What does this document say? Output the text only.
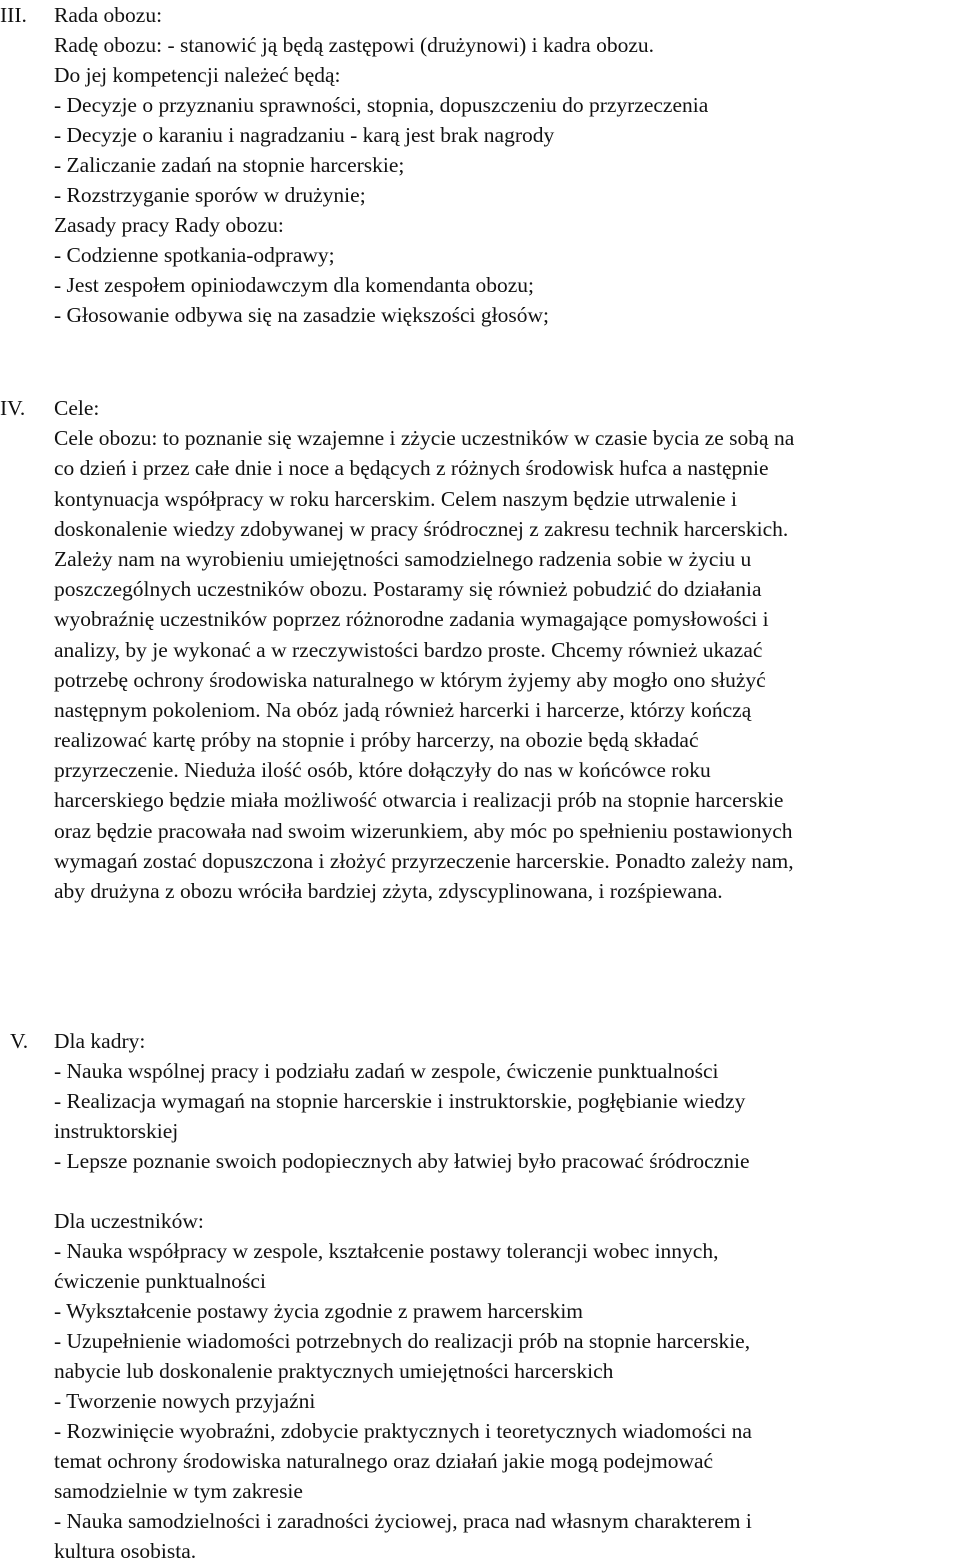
III.	Rada obozu:
Radę obozu: - stanowić ją będą zastępowi (drużynowi) i kadra obozu.
Do jej kompetencji należeć będą:
- Decyzje o przyznaniu sprawności, stopnia, dopuszczeniu do przyrzeczenia
- Decyzje o karaniu i nagradzaniu - karą jest brak nagrody
- Zaliczanie zadań na stopnie harcerskie;
- Rozstrzyganie sporów w drużynie;
Zasady pracy Rady obozu:
- Codzienne spotkania-odprawy;
- Jest zespołem opiniodawczym dla komendanta obozu;
- Głosowanie odbywa się na zasadzie większości głosów;
IV.	Cele:
Cele obozu: to poznanie się wzajemne i zżycie uczestników w czasie bycia ze sobą na
co dzień i przez całe dnie i noce a będących z różnych środowisk hufca a następnie
kontynuacja współpracy w roku harcerskim. Celem naszym będzie utrwalenie i
doskonalenie wiedzy zdobywanej w pracy śródrocznej z zakresu technik harcerskich.
Zależy nam na wyrobieniu umiejętności samodzielnego radzenia sobie w życiu u
poszczególnych uczestników obozu. Postaramy się również pobudzić do działania
wyobraźnię uczestników poprzez różnorodne zadania wymagające pomysłowości i
analizy, by je wykonać a w rzeczywistości bardzo proste. Chcemy również ukazać
potrzebę ochrony środowiska naturalnego w którym żyjemy aby mogło ono służyć
następnym pokoleniom. Na obóz jadą również harcerki i harcerze, którzy kończą
realizować kartę próby na stopnie i próby harcerzy, na obozie będą składać
przyrzeczenie. Nieduża ilość osób, które dołączyły do nas w końcówce roku
harcerskiego będzie miała możliwość otwarcia i realizacji prób na stopnie harcerskie
oraz będzie pracowała nad swoim wizerunkiem, aby móc po spełnieniu postawionych
wymagań zostać dopuszczona i złożyć przyrzeczenie harcerskie. Ponadto zależy nam,
aby drużyna z obozu wróciła bardziej zżyta, zdyscyplinowana, i rozśpiewana.
V.	Dla kadry:
- Nauka wspólnej pracy i podziału zadań w zespole, ćwiczenie punktualności
- Realizacja wymagań na stopnie harcerskie i instruktorskie, pogłębianie wiedzy
instruktorskiej
- Lepsze poznanie swoich podopiecznych aby łatwiej było pracować śródrocznie
Dla uczestników:
- Nauka współpracy w zespole, kształcenie postawy tolerancji wobec innych,
ćwiczenie punktualności
- Wykształcenie postawy życia zgodnie z prawem harcerskim
- Uzupełnienie wiadomości potrzebnych do realizacji prób na stopnie harcerskie,
nabycie lub doskonalenie praktycznych umiejętności harcerskich
- Tworzenie nowych przyjaźni
- Rozwinięcie wyobraźni, zdobycie praktycznych i teoretycznych wiadomości na
temat ochrony środowiska naturalnego oraz działań jakie mogą podejmować
samodzielnie w tym zakresie
- Nauka samodzielności i zaradności życiowej, praca nad własnym charakterem i
kultura osobista.
